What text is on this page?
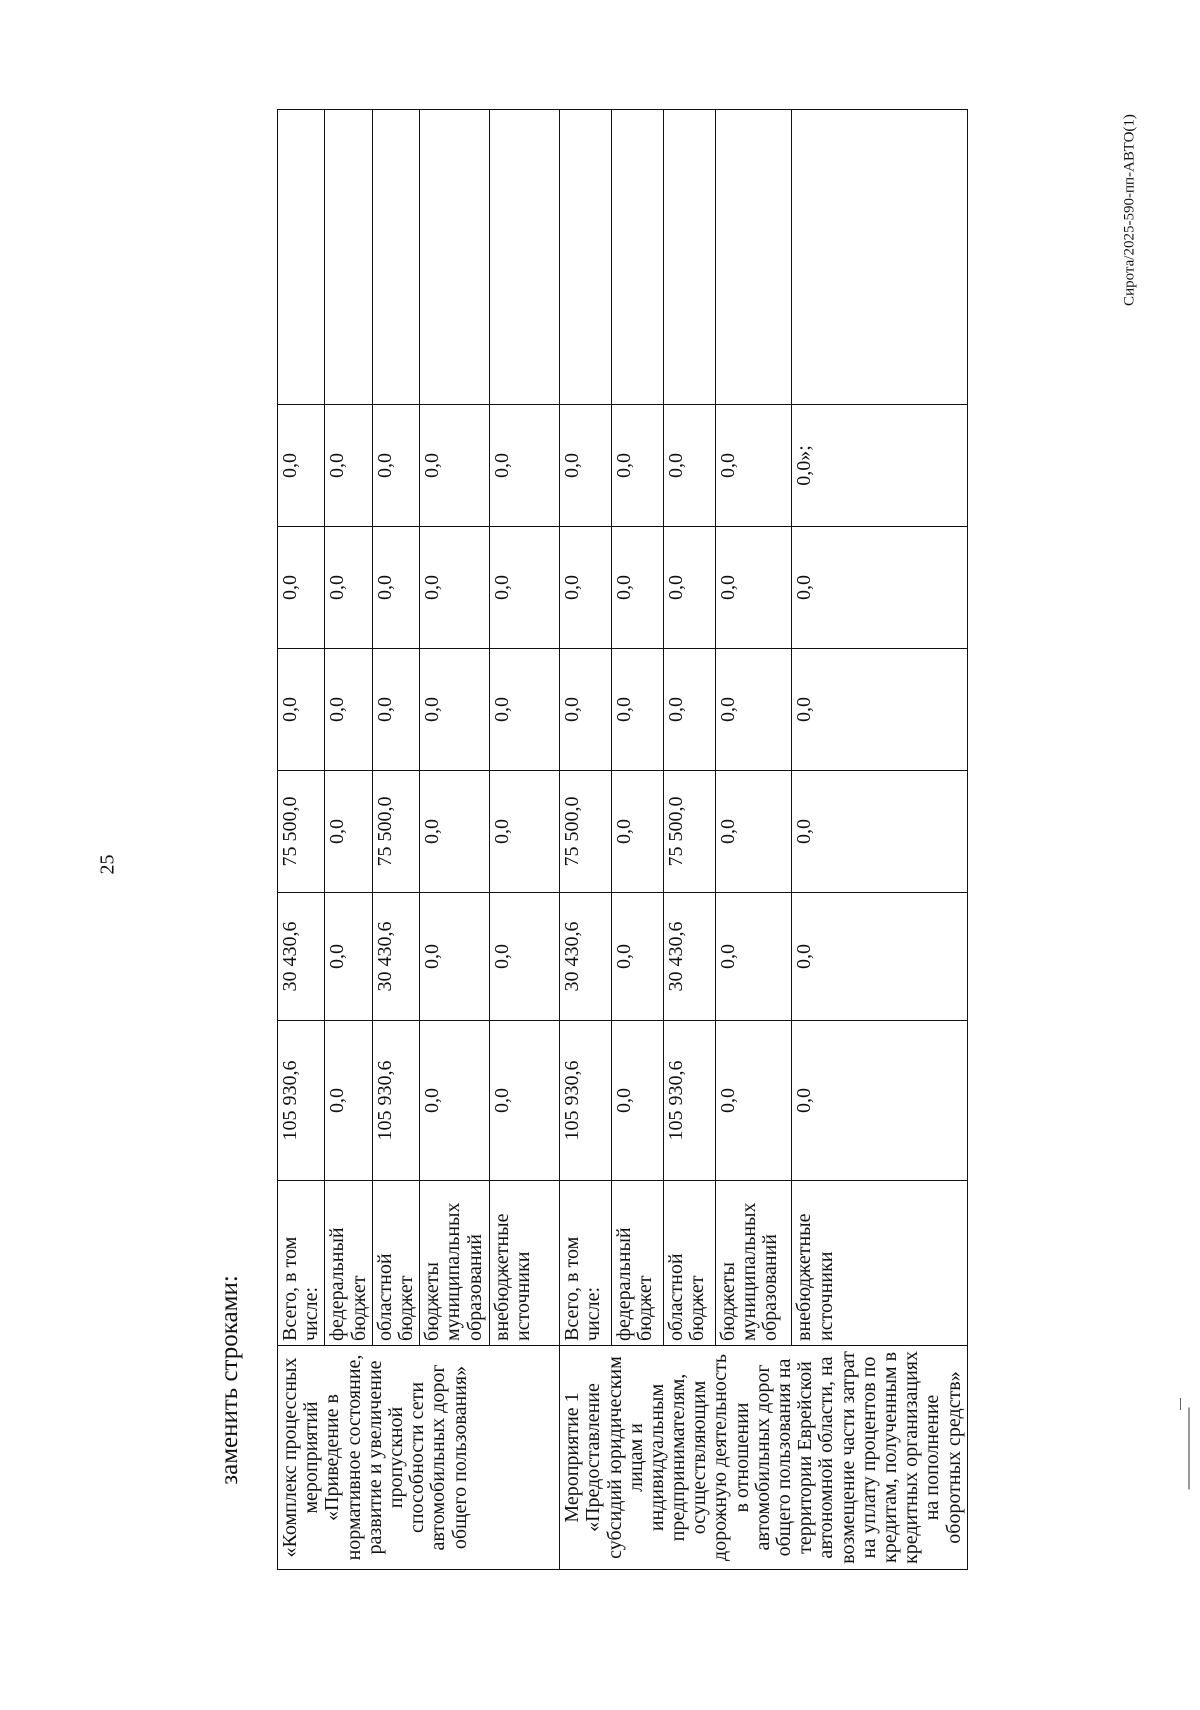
25
заменить строками:
Сирота/2025-590-пп-АВТО(1)
«Комплекс процессных мероприятий «Приведение в нормативное состояние, развитие и увеличение пропускной способности сети автомобильных дорог общего пользования»	Всего, в том числе:	105 930,6	30 430,6	75 500,0	0,0	0,0	0,0	
	федеральный бюджет	0,0	0,0	0,0	0,0	0,0	0,0	
	областной бюджет	105 930,6	30 430,6	75 500,0	0,0	0,0	0,0	
	бюджеты муниципальных образований	0,0	0,0	0,0	0,0	0,0	0,0	
	внебюджетные источники	0,0	0,0	0,0	0,0	0,0	0,0	
Мероприятие 1 «Предоставление субсидий юридическим лицам и индивидуальным предпринимателям, осуществляющим дорожную деятельность в отношении автомобильных дорог общего пользования на территории Еврейской автономной области, на возмещение части затрат на уплату процентов по кредитам, полученным в кредитных организациях на пополнение оборотных средств»	Всего, в том числе:	105 930,6	30 430,6	75 500,0	0,0	0,0	0,0	
	федеральный бюджет	0,0	0,0	0,0	0,0	0,0	0,0	
	областной бюджет	105 930,6	30 430,6	75 500,0	0,0	0,0	0,0	
	бюджеты муниципальных образований	0,0	0,0	0,0	0,0	0,0	0,0	
	внебюджетные источники	0,0	0,0	0,0	0,0	0,0	0,0»;	
